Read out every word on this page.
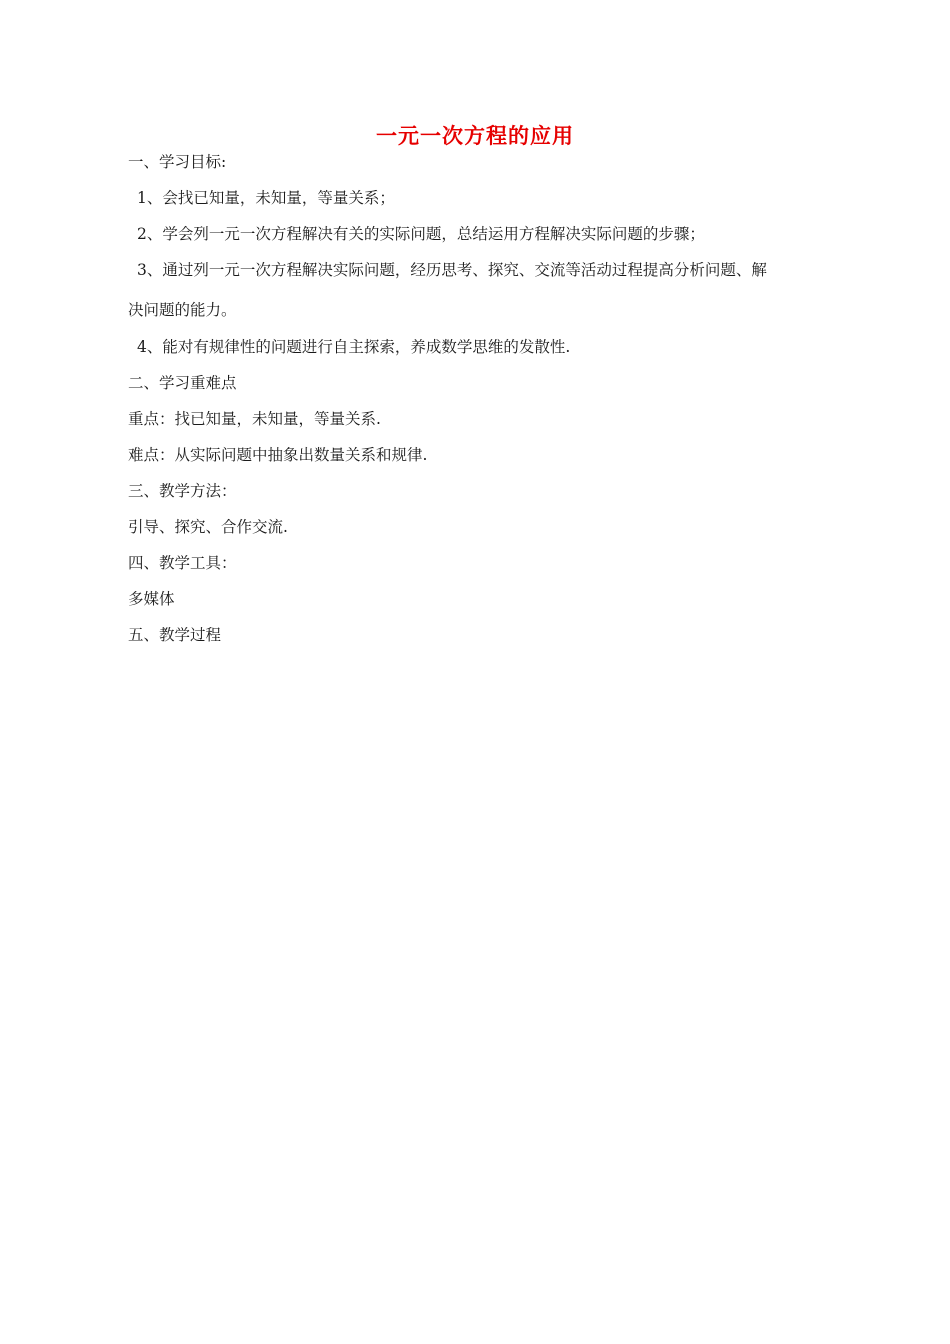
一元一次方程的应用
一、学习目标:
1、会找已知量，未知量，等量关系；
2、学会列一元一次方程解决有关的实际问题，总结运用方程解决实际问题的步骤；
3、通过列一元一次方程解决实际问题，经历思考、探究、交流等活动过程提高分析问题、解
决问题的能力。
4、能对有规律性的问题进行自主探索，养成数学思维的发散性.
二、学习重难点
重点：找已知量，未知量，等量关系.
难点：从实际问题中抽象出数量关系和规律.
三、教学方法：
引导、探究、合作交流.
四、教学工具：
多媒体
五、教学过程
